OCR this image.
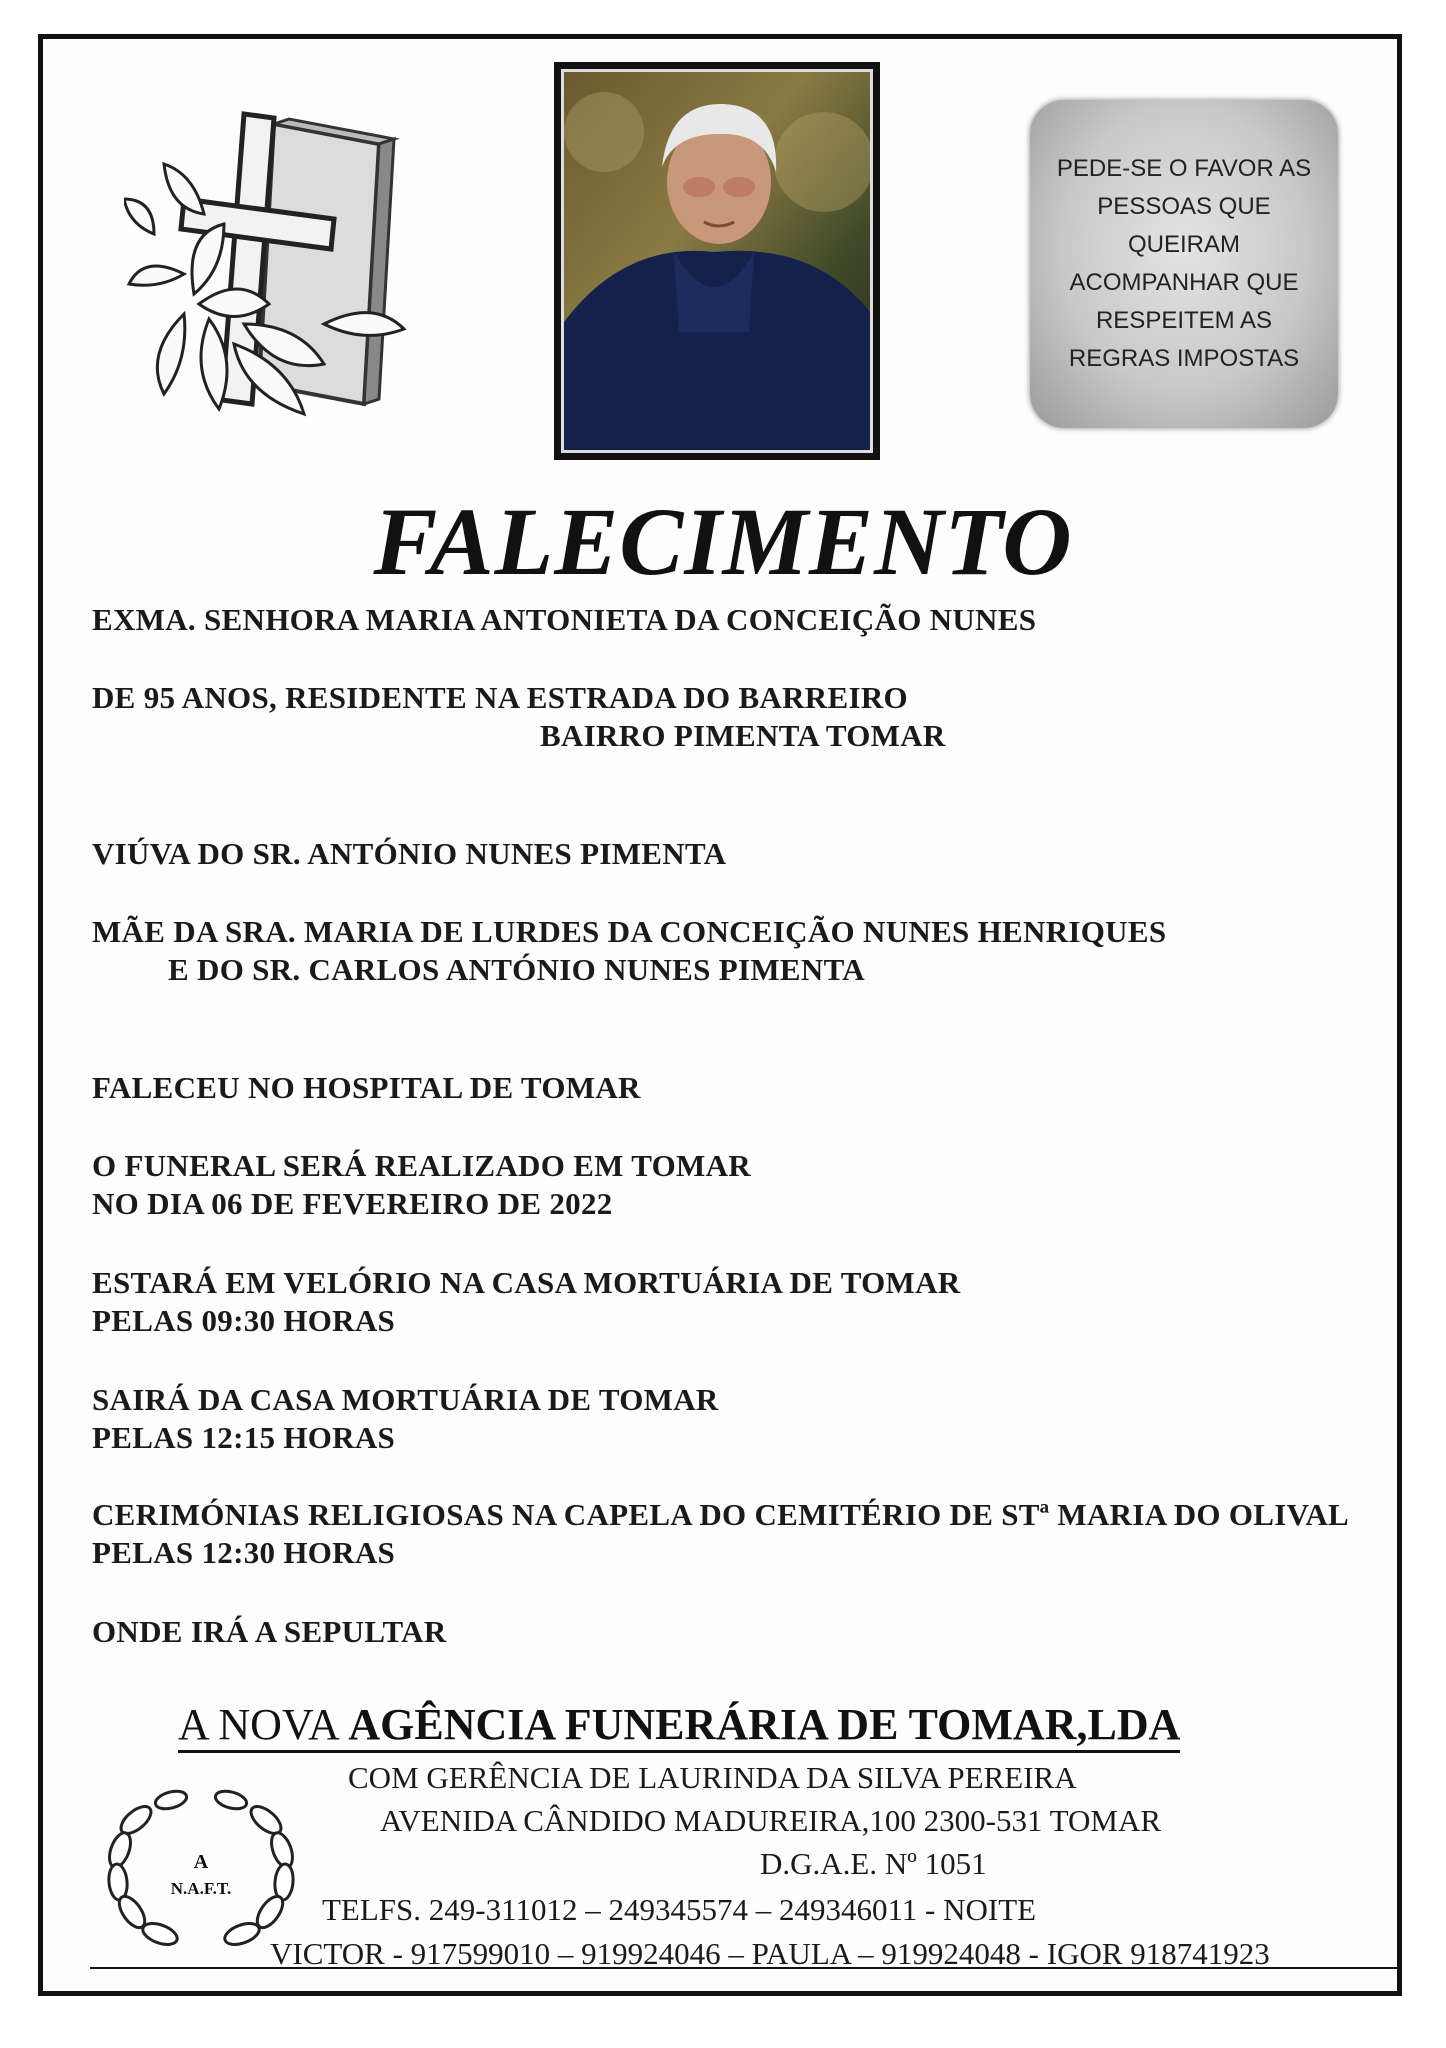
PEDE-SE O FAVOR AS PESSOAS QUE QUEIRAM ACOMPANHAR QUE RESPEITEM AS REGRAS IMPOSTAS
FALECIMENTO
EXMA. SENHORA MARIA ANTONIETA DA CONCEIÇÃO NUNES
DE 95 ANOS, RESIDENTE NA ESTRADA DO BARREIRO
BAIRRO PIMENTA TOMAR
VIÚVA DO SR. ANTÓNIO NUNES PIMENTA
MÃE DA SRA. MARIA DE LURDES DA CONCEIÇÃO NUNES HENRIQUES
E DO SR. CARLOS ANTÓNIO NUNES PIMENTA
FALECEU NO HOSPITAL DE TOMAR
O FUNERAL SERÁ REALIZADO EM TOMAR
NO DIA 06 DE FEVEREIRO DE 2022
ESTARÁ EM VELÓRIO NA CASA MORTUÁRIA DE TOMAR
PELAS 09:30 HORAS
SAIRÁ DA CASA MORTUÁRIA DE TOMAR
PELAS 12:15 HORAS
CERIMÓNIAS RELIGIOSAS NA CAPELA DO CEMITÉRIO DE STª MARIA DO OLIVAL
PELAS 12:30 HORAS
ONDE IRÁ A SEPULTAR
A NOVA AGÊNCIA FUNERÁRIA DE TOMAR,LDA
COM GERÊNCIA DE LAURINDA DA SILVA PEREIRA
AVENIDA CÂNDIDO MADUREIRA,100 2300-531 TOMAR
D.G.A.E. Nº 1051
TELFS. 249-311012 – 249345574 – 249346011 - NOITE
VICTOR - 917599010 – 919924046 – PAULA – 919924048 - IGOR 918741923
A
N.A.F.T.
